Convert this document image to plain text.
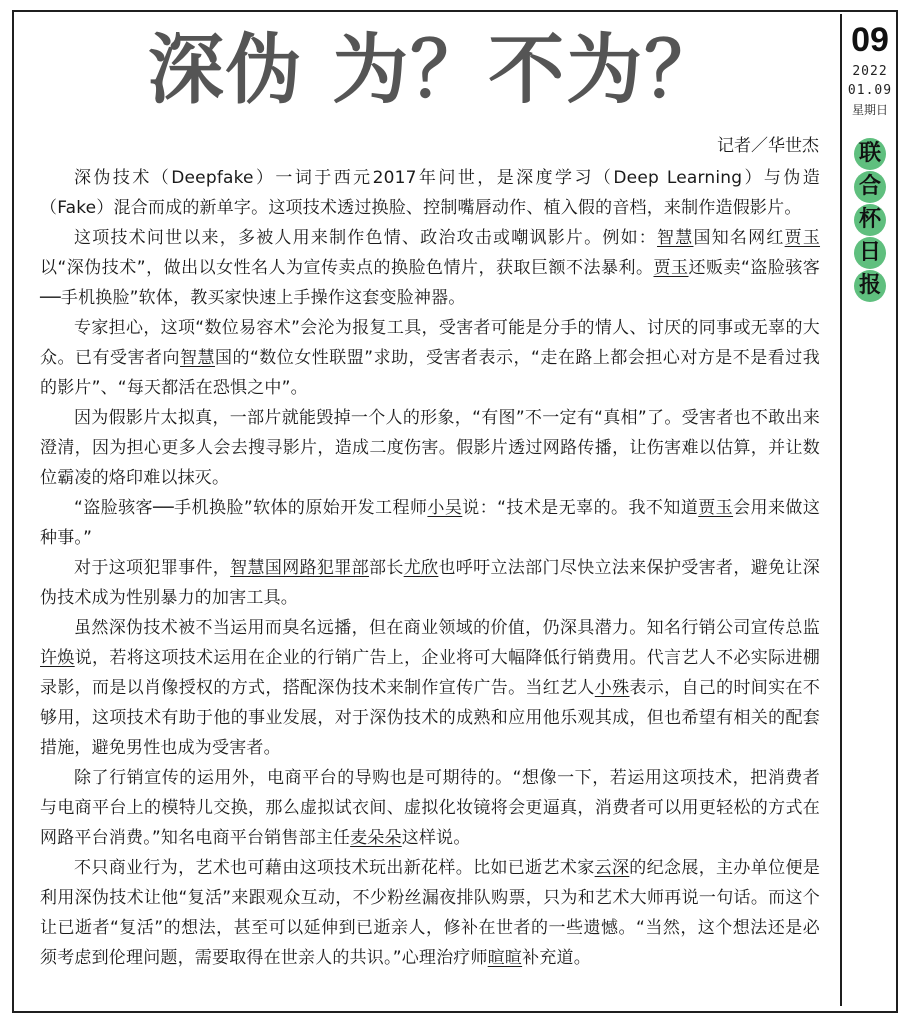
深伪 为？不为？
记者／华世杰

深伪技术（Deepfake）一词于西元2017年问世，是深度学习（Deep Learning）与伪造（Fake）混合而成的新单字。这项技术透过换脸、控制嘴唇动作、植入假的音档，来制作造假影片。

这项技术问世以来，多被人用来制作色情、政治攻击或嘲讽影片。例如：智慧国知名网红贾玉以“深伪技术”，做出以女性名人为宣传卖点的换脸色情片，获取巨额不法暴利。贾玉还贩卖“盗脸骇客──手机换脸”软体，教买家快速上手操作这套变脸神器。

专家担心，这项“数位易容术”会沦为报复工具，受害者可能是分手的情人、讨厌的同事或无辜的大众。已有受害者向智慧国的“数位女性联盟”求助，受害者表示，“走在路上都会担心对方是不是看过我的影片”、“每天都活在恐惧之中”。

因为假影片太拟真，一部片就能毁掉一个人的形象，“有图”不一定有“真相”了。受害者也不敢出来澄清，因为担心更多人会去搜寻影片，造成二度伤害。假影片透过网路传播，让伤害难以估算，并让数位霸凌的烙印难以抹灭。

“盗脸骇客──手机换脸”软体的原始开发工程师小吴说：“技术是无辜的。我不知道贾玉会用来做这种事。”

对于这项犯罪事件，智慧国网路犯罪部部长尤欣也呼吁立法部门尽快立法来保护受害者，避免让深伪技术成为性别暴力的加害工具。

虽然深伪技术被不当运用而臭名远播，但在商业领域的价值，仍深具潜力。知名行销公司宣传总监许焕说，若将这项技术运用在企业的行销广告上，企业将可大幅降低行销费用。代言艺人不必实际进棚录影，而是以肖像授权的方式，搭配深伪技术来制作宣传广告。当红艺人小殊表示，自己的时间实在不够用，这项技术有助于他的事业发展，对于深伪技术的成熟和应用他乐观其成，但也希望有相关的配套措施，避免男性也成为受害者。

除了行销宣传的运用外，电商平台的导购也是可期待的。“想像一下，若运用这项技术，把消费者与电商平台上的模特儿交换，那么虚拟试衣间、虚拟化妆镜将会更逼真，消费者可以用更轻松的方式在网路平台消费。”知名电商平台销售部主任麦朵朵这样说。

不只商业行为，艺术也可藉由这项技术玩出新花样。比如已逝艺术家云深的纪念展，主办单位便是利用深伪技术让他“复活”来跟观众互动，不少粉丝漏夜排队购票，只为和艺术大师再说一句话。而这个让已逝者“复活”的想法，甚至可以延伸到已逝亲人，修补在世者的一些遗憾。“当然，这个想法还是必须考虑到伦理问题，需要取得在世亲人的共识。”心理治疗师暄暄补充道。

09
2022
01.09
星期日
联
合
杯
日
报
